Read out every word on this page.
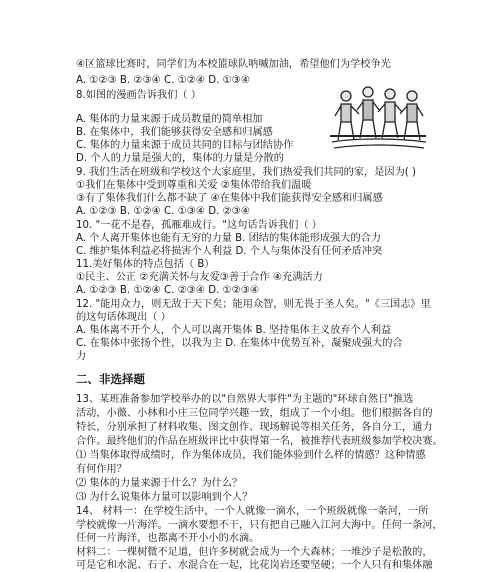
④区篮球比赛时，同学们为本校篮球队呐喊加油，希望他们为学校争光
A. ①②③ B. ②③④ C. ①②④ D. ①③④
8.如图的漫画告诉我们（ ）
A. 集体的力量来源于成员数量的简单相加
B. 在集体中，我们能够获得安全感和归属感
C. 集体的力量来源于成员共同的目标与团结协作
D. 个人的力量是强大的，集体的力量是分散的
9. 我们生活在班级和学校这个大家庭里，我们热爱我们共同的家，是因为( )
①我们在集体中受到尊重和关爱 ②集体带给我们温暖
③有了集体我们什么都不缺了 ④在集体中我们能获得安全感和归属感
A. ①②③ B. ①②④ C. ①③④ D. ②③④
10. "一花不是春，孤雁难成行。"这句话告诉我们（ ）
A. 个人离开集体也能有无穷的力量 B. 团结的集体能形成强大的合力
C. 维护集体利益必将损害个人利益 D. 个人与集体没有任何矛盾冲突
11.美好集体的特点包括（ B）
①民主、公正 ②充满关怀与友爱③善于合作 ④充满活力
A. ①②③ B. ①②④ C. ②③④ D. ①②③④
12. "能用众力，则无敌于天下矣；能用众智，则无畏于圣人矣。"《三国志》里
的这句话体现出（ ）
A. 集体离不开个人，个人可以离开集体 B. 坚持集体主义放弃个人利益
C. 在集体中张扬个性，以我为主 D. 在集体中优势互补，凝聚成强大的合
力
二、非选择题
13、某班准备参加学校举办的以"自然界大事件"为主题的"环球自然日"推选
活动，小薇、小林和小庄三位同学兴趣一致，组成了一个小组。他们根据各自的
特长，分别承担了材料收集、图文创作、现场解说等相关任务，各自分工，通力
合作。最终他们的作品在班级评比中获得第一名，被推荐代表班级参加学校决赛。
⑴ 当集体取得成绩时，作为集体成员，我们能体验到什么样的情感？这种情感
有何作用？
⑵ 集体的力量来源于什么？为什么？
⑶ 为什么说集体力量可以影响到个人？
14、 材料一：在学校生活中，一个人就像一滴水，一个班级就像一条河，一所
学校就像一片海洋。一滴水要想不干，只有把自己融入江河大海中。任何一条河，
任何一片海洋，也都离不开小小的水滴。
材料二：一棵树微不足道，但许多树就会成为一个大森林；一堆沙子是松散的，
可是它和水泥、石子、水混合在一起，比花岗岩还要坚硬；一个人只有和集体融
